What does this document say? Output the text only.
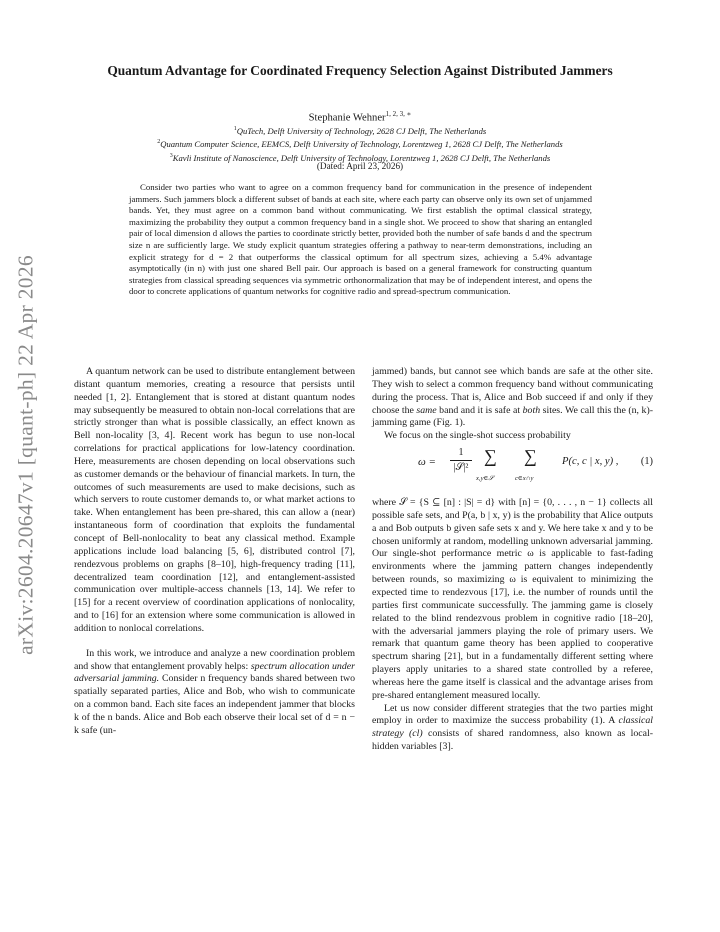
arXiv:2604.20647v1 [quant-ph] 22 Apr 2026
Quantum Advantage for Coordinated Frequency Selection Against Distributed Jammers
Stephanie Wehner$^{1, 2, 3, ∗}$
$^1$QuTech, Delft University of Technology, 2628 CJ Delft, The Netherlands
$^2$Quantum Computer Science, EEMCS, Delft University of Technology, Lorentzweg 1, 2628 CJ Delft, The Netherlands
$^3$Kavli Institute of Nanoscience, Delft University of Technology, Lorentzweg 1, 2628 CJ Delft, The Netherlands
(Dated: April 23, 2026)
Consider two parties who want to agree on a common frequency band for communication in the presence of independent jammers. Such jammers block a different subset of bands at each site, where each party can observe only its own set of unjammed bands. Yet, they must agree on a common band without communicating. We first establish the optimal classical strategy, maximizing the probability they output a common frequency band in a single shot. We proceed to show that sharing an entangled pair of local dimension d allows the parties to coordinate strictly better, provided both the number of safe bands d and the spectrum size n are sufficiently large. We study explicit quantum strategies offering a pathway to near-term demonstrations, including an explicit strategy for d = 2 that outperforms the classical optimum for all spectrum sizes, achieving a 5.4% advantage asymptotically (in n) with just one shared Bell pair. Our approach is based on a general framework for constructing quantum strategies from classical spreading sequences via symmetric orthonormalization that may be of independent interest, and opens the door to concrete applications of quantum networks for cognitive radio and spread-spectrum communication.

A quantum network can be used to distribute entanglement between distant quantum memories, creating a resource that persists until needed [1, 2]. Entanglement that is stored at distant quantum nodes may subsequently be measured to obtain non-local correlations that are strictly stronger than what is possible classically, an effect known as Bell non-locality [3, 4]. Recent work has begun to use non-local correlations for practical applications for low-latency coordination. Here, measurements are chosen depending on local observations such as customer demands or the behaviour of financial markets. In turn, the outcomes of such measurements are used to make decisions, such as which servers to route customer demands to, or what market actions to take. When entanglement has been pre-shared, this can allow a (near) instantaneous form of coordination that exploits the fundamental concept of Bell-nonlocality to beat any classical method. Example applications include load balancing [5, 6], distributed control [7], rendezvous problems on graphs [8–10], high-frequency trading [11], decentralized team coordination [12], and entanglement-assisted communication over multiple-access channels [13, 14]. We refer to [15] for a recent overview of coordination applications of nonlocality, and to [16] for an extension where some communication is allowed in addition to nonlocal correlations.

In this work, we introduce and analyze a new coordination problem and show that entanglement provably helps: spectrum allocation under adversarial jamming. Consider n frequency bands shared between two spatially separated parties, Alice and Bob, who wish to communicate on a common band. Each site faces an independent jammer that blocks k of the n bands. Alice and Bob each observe their local set of d = n − k safe (un-

jammed) bands, but cannot see which bands are safe at the other site. They wish to select a common frequency band without communicating during the process. That is, Alice and Bob succeed if and only if they choose the same band and it is safe at both sites. We call this the (n, k)-jamming game (Fig. 1).

We focus on the single-shot success probability

ω =
1
|𝒮|²
∑
x,y∈𝒮
∑
c∈x∩y
P(c, c | x, y) , (1)

where 𝒮 = {S ⊆ [n] : |S| = d} with [n] = {0, . . . , n − 1} collects all possible safe sets, and P(a, b | x, y) is the probability that Alice outputs a and Bob outputs b given safe sets x and y. We here take x and y to be chosen uniformly at random, modelling unknown adversarial jamming. Our single-shot performance metric ω is applicable to fast-fading environments where the jamming pattern changes independently between rounds, so maximizing ω is equivalent to minimizing the expected time to rendezvous [17], i.e. the number of rounds until the parties first communicate successfully. The jamming game is closely related to the blind rendezvous problem in cognitive radio [18–20], with the adversarial jammers playing the role of primary users. We remark that quantum game theory has been applied to cooperative spectrum sharing [21], but in a fundamentally different setting where players apply unitaries to a shared state controlled by a referee, whereas here the game itself is classical and the advantage arises from pre-shared entanglement measured locally.

Let us now consider different strategies that the two parties might employ in order to maximize the success probability (1). A classical strategy (cl) consists of shared randomness, also known as local-hidden variables [3].
